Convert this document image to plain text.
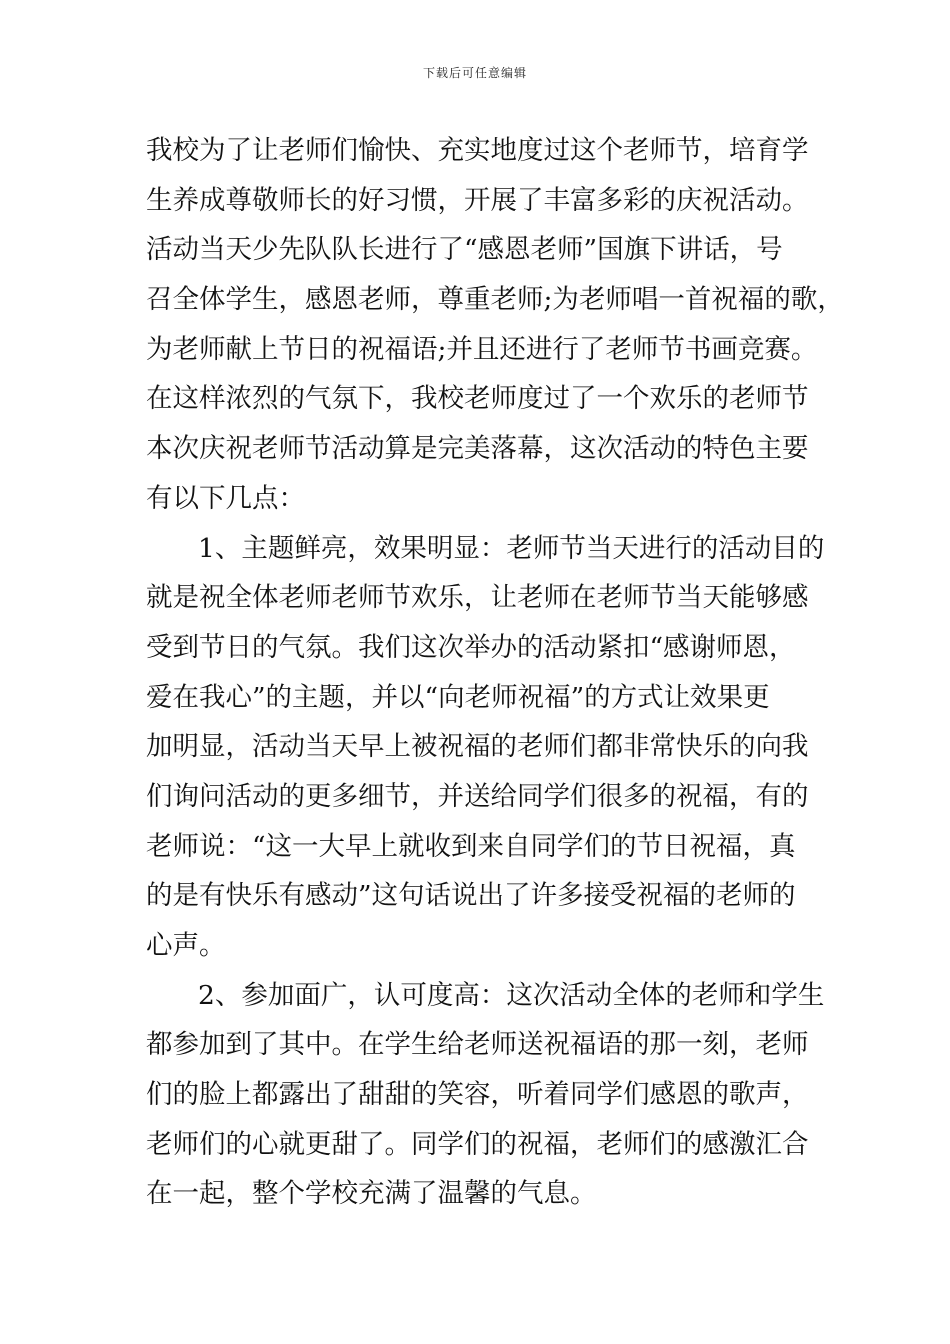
下载后可任意编辑
我校为了让老师们愉快、充实地度过这个老师节，培育学
生养成尊敬师长的好习惯，开展了丰富多彩的庆祝活动。
活动当天少先队队长进行了“感恩老师”国旗下讲话，号
召全体学生，感恩老师，尊重老师;为老师唱一首祝福的歌，
为老师献上节日的祝福语;并且还进行了老师节书画竞赛。
在这样浓烈的气氛下，我校老师度过了一个欢乐的老师节
本次庆祝老师节活动算是完美落幕，这次活动的特色主要
有以下几点：
1、主题鲜亮，效果明显：老师节当天进行的活动目的
就是祝全体老师老师节欢乐，让老师在老师节当天能够感
受到节日的气氛。我们这次举办的活动紧扣“感谢师恩，
爱在我心”的主题，并以“向老师祝福”的方式让效果更
加明显，活动当天早上被祝福的老师们都非常快乐的向我
们询问活动的更多细节，并送给同学们很多的祝福，有的
老师说：“这一大早上就收到来自同学们的节日祝福，真
的是有快乐有感动”这句话说出了许多接受祝福的老师的
心声。
2、参加面广，认可度高：这次活动全体的老师和学生
都参加到了其中。在学生给老师送祝福语的那一刻，老师
们的脸上都露出了甜甜的笑容，听着同学们感恩的歌声，
老师们的心就更甜了。同学们的祝福，老师们的感激汇合
在一起，整个学校充满了温馨的气息。
